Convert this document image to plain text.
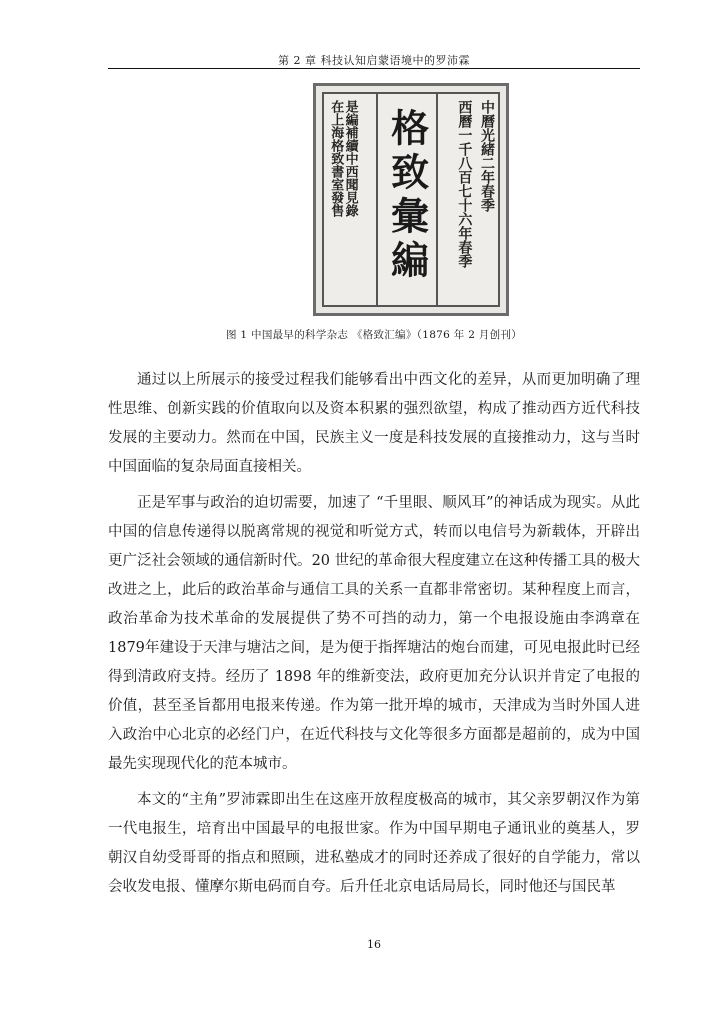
第 2 章 科技认知启蒙语境中的罗沛霖
中曆光緒二年春季
西曆一千八百七十六年春季
格致彙編
是編補續中西聞見錄
在上海格致書室發售
图 1 中国最早的科学杂志 《格致汇编》（1876 年 2 月创刊）

通过以上所展示的接受过程我们能够看出中西文化的差异，从而更加明确了理性思维、创新实践的价值取向以及资本积累的强烈欲望，构成了推动西方近代科技发展的主要动力。然而在中国，民族主义一度是科技发展的直接推动力，这与当时中国面临的复杂局面直接相关。

正是军事与政治的迫切需要，加速了 “千里眼、顺风耳”的神话成为现实。从此中国的信息传递得以脱离常规的视觉和听觉方式，转而以电信号为新载体，开辟出更广泛社会领域的通信新时代。20 世纪的革命很大程度建立在这种传播工具的极大改进之上，此后的政治革命与通信工具的关系一直都非常密切。某种程度上而言， 政治革命为技术革命的发展提供了势不可挡的动力，第一个电报设施由李鸿章在1879年建设于天津与塘沽之间，是为便于指挥塘沽的炮台而建，可见电报此时已经得到清政府支持。经历了 1898 年的维新变法，政府更加充分认识并肯定了电报的价值，甚至圣旨都用电报来传递。作为第一批开埠的城市，天津成为当时外国人进入政治中心北京的必经门户，在近代科技与文化等很多方面都是超前的，成为中国最先实现现代化的范本城市。

本文的“主角”罗沛霖即出生在这座开放程度极高的城市，其父亲罗朝汉作为第一代电报生，培育出中国最早的电报世家。作为中国早期电子通讯业的奠基人，罗朝汉自幼受哥哥的指点和照顾，进私塾成才的同时还养成了很好的自学能力，常以会收发电报、懂摩尔斯电码而自夸。后升任北京电话局局长，同时他还与国民革

16
